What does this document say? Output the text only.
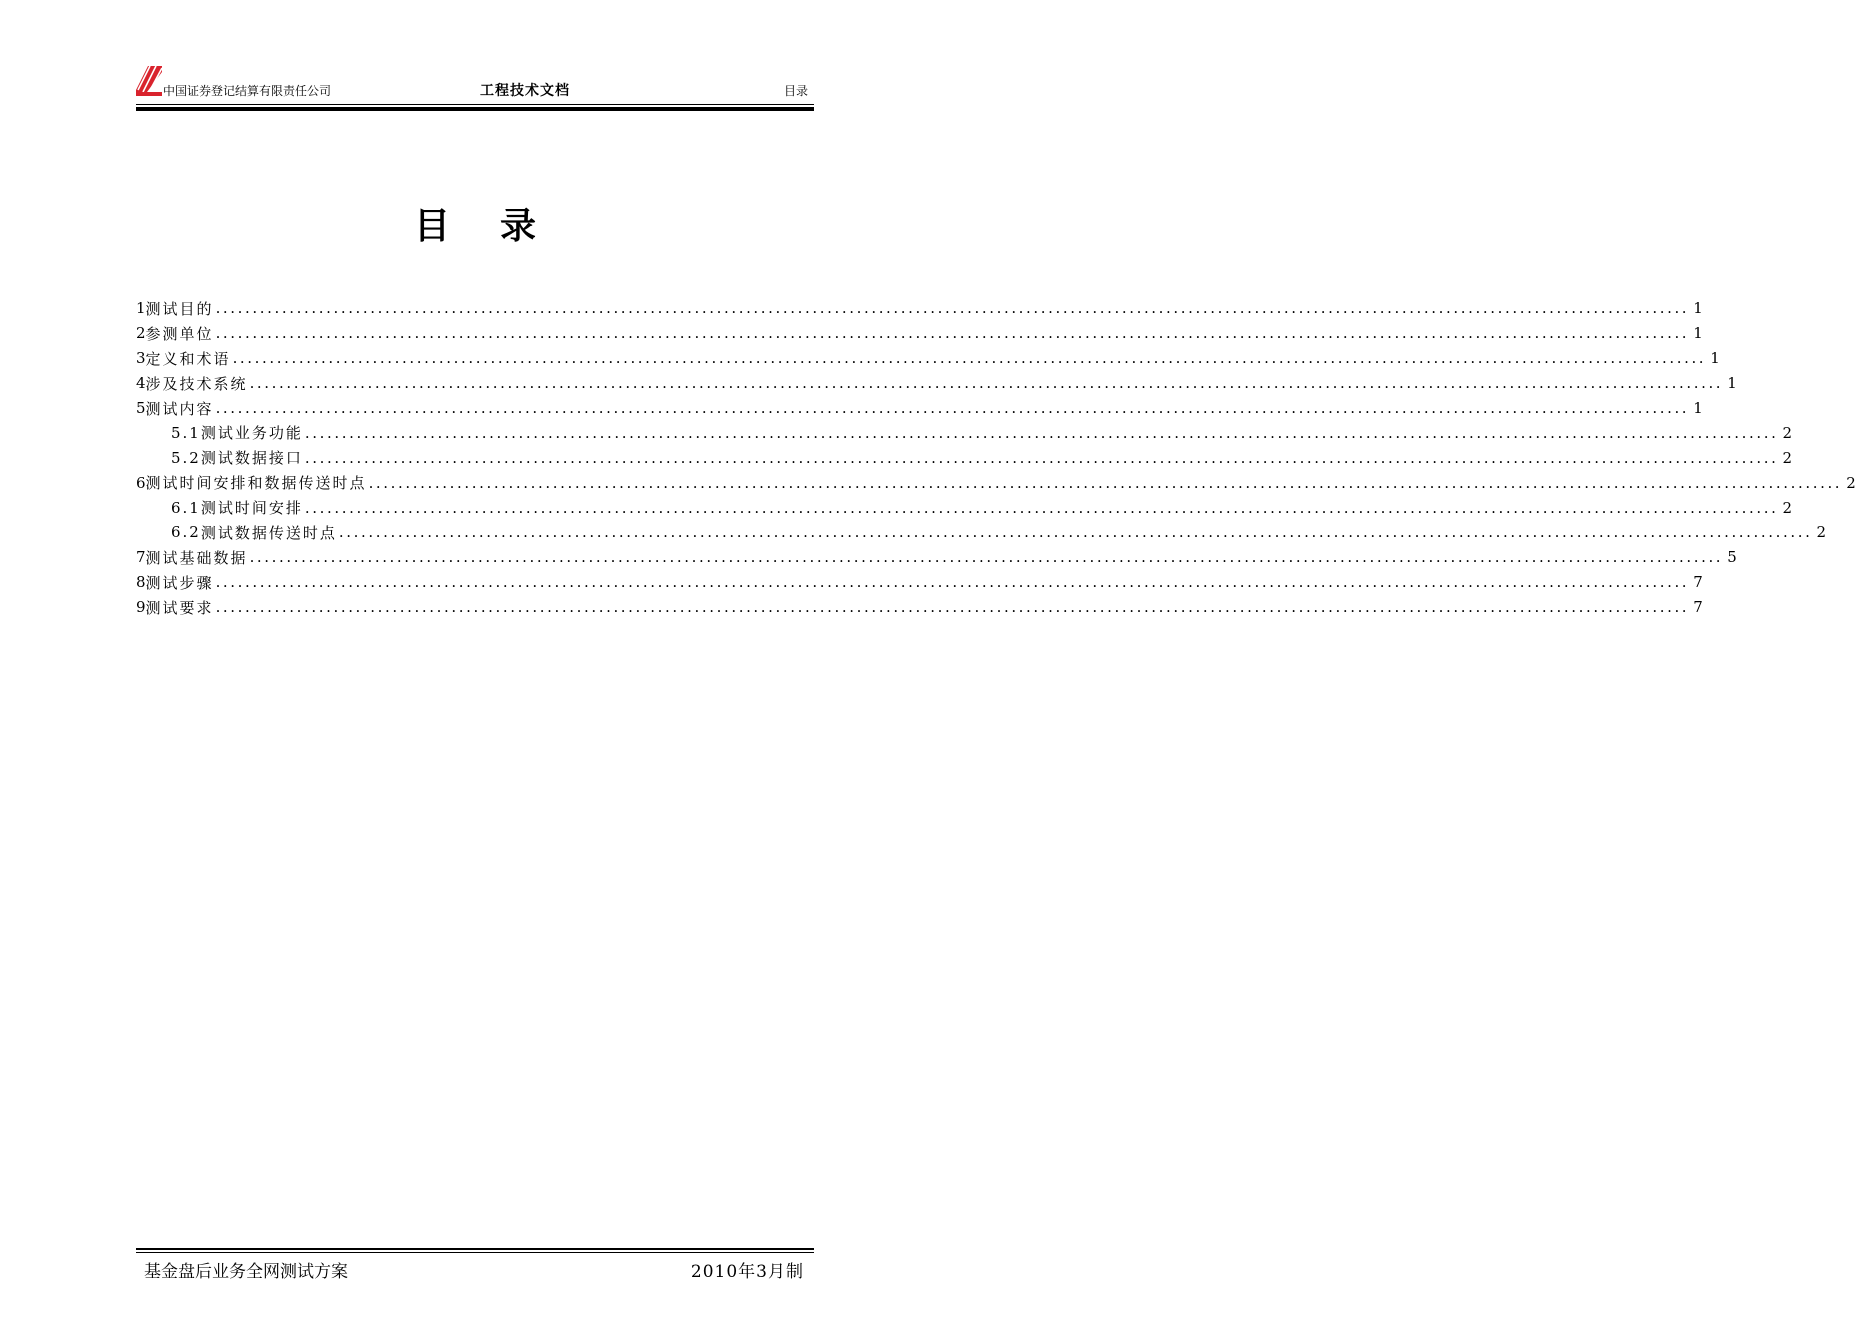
中国证券登记结算有限责任公司	工程技术文档	目录
目录
1 测试目的 ........................................................................................................................................................................................................ 1
2 参测单位 ........................................................................................................................................................................................................ 1
3 定义和术语 ........................................................................................................................................................................................................ 1
4 涉及技术系统 ........................................................................................................................................................................................................ 1
5 测试内容 ........................................................................................................................................................................................................ 1
5.1 测试业务功能 ........................................................................................................................................................................................................ 2
5.2 测试数据接口 ........................................................................................................................................................................................................ 2
6 测试时间安排和数据传送时点 ........................................................................................................................................................................................................ 2
6.1 测试时间安排 ........................................................................................................................................................................................................ 2
6.2 测试数据传送时点 ........................................................................................................................................................................................................ 2
7 测试基础数据 ........................................................................................................................................................................................................ 5
8 测试步骤 ........................................................................................................................................................................................................ 7
9 测试要求 ........................................................................................................................................................................................................ 7
基金盘后业务全网测试方案	2010年3月制
